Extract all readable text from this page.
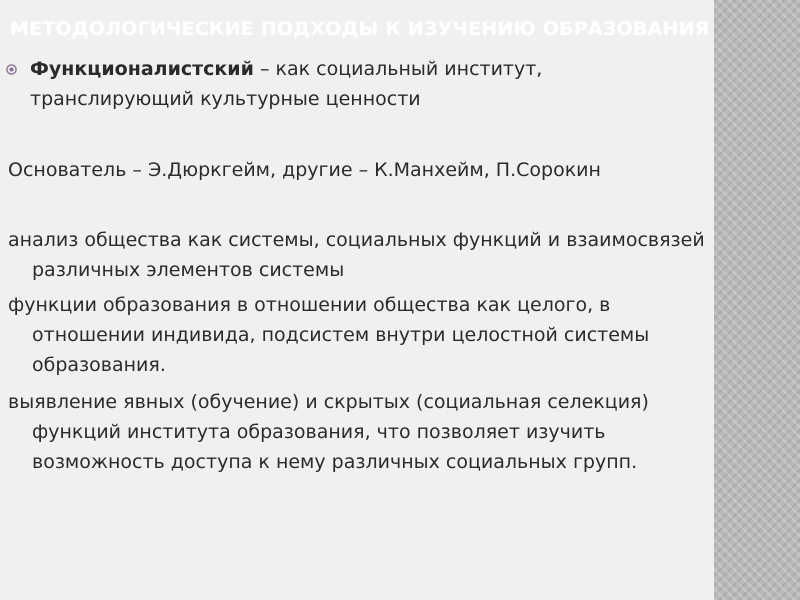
МЕТОДОЛОГИЧЕСКИЕ ПОДХОДЫ К ИЗУЧЕНИЮ ОБРАЗОВАНИЯ
Функционалистский – как социальный институт, транслирующий культурные ценности
Основатель – Э.Дюркгейм, другие – К.Манхейм, П.Сорокин
анализ общества как системы, социальных функций и взаимосвязей различных элементов системы
функции образования в отношении общества как целого, в отношении индивида, подсистем внутри целостной системы образования.
выявление явных (обучение) и скрытых (социальная селекция) функций института образования, что позволяет изучить возможность доступа к нему различных социальных групп.
